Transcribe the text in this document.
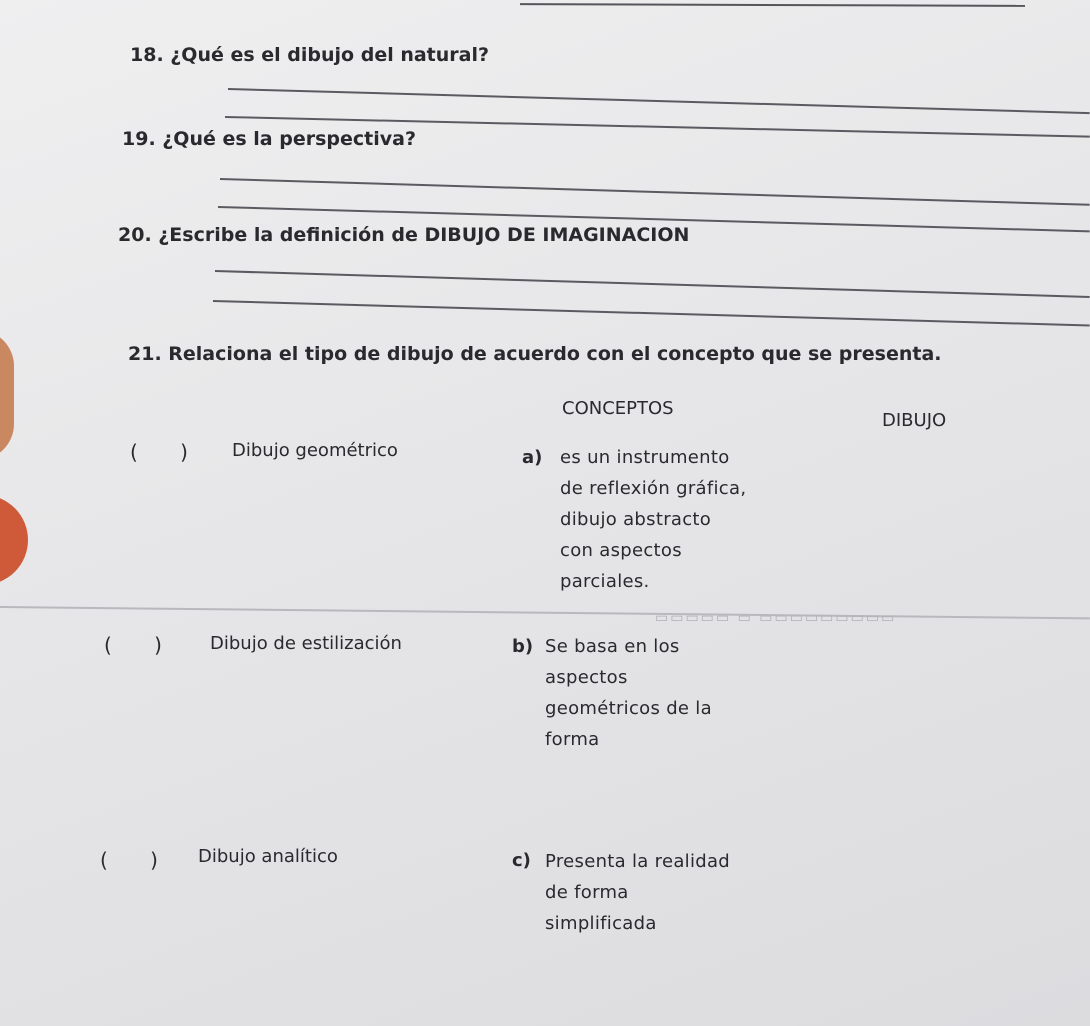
18. ¿Qué es el dibujo del natural?
19. ¿Qué es la perspectiva?
20. ¿Escribe la definición de DIBUJO DE IMAGINACION
21. Relaciona el tipo de dibujo de acuerdo con el concepto que se presenta.
CONCEPTOS
DIBUJO
( ) Dibujo geométrico	a) es un instrumento
de reflexión gráfica,
dibujo abstracto
con aspectos
parciales.
▭▭▭▭▭ ▭ ▭▭▭▭▭▭▭▭▭
( ) Dibujo de estilización	b) Se basa en los
aspectos
geométricos de la
forma
( ) Dibujo analítico	c) Presenta la realidad
de forma
simplificada
